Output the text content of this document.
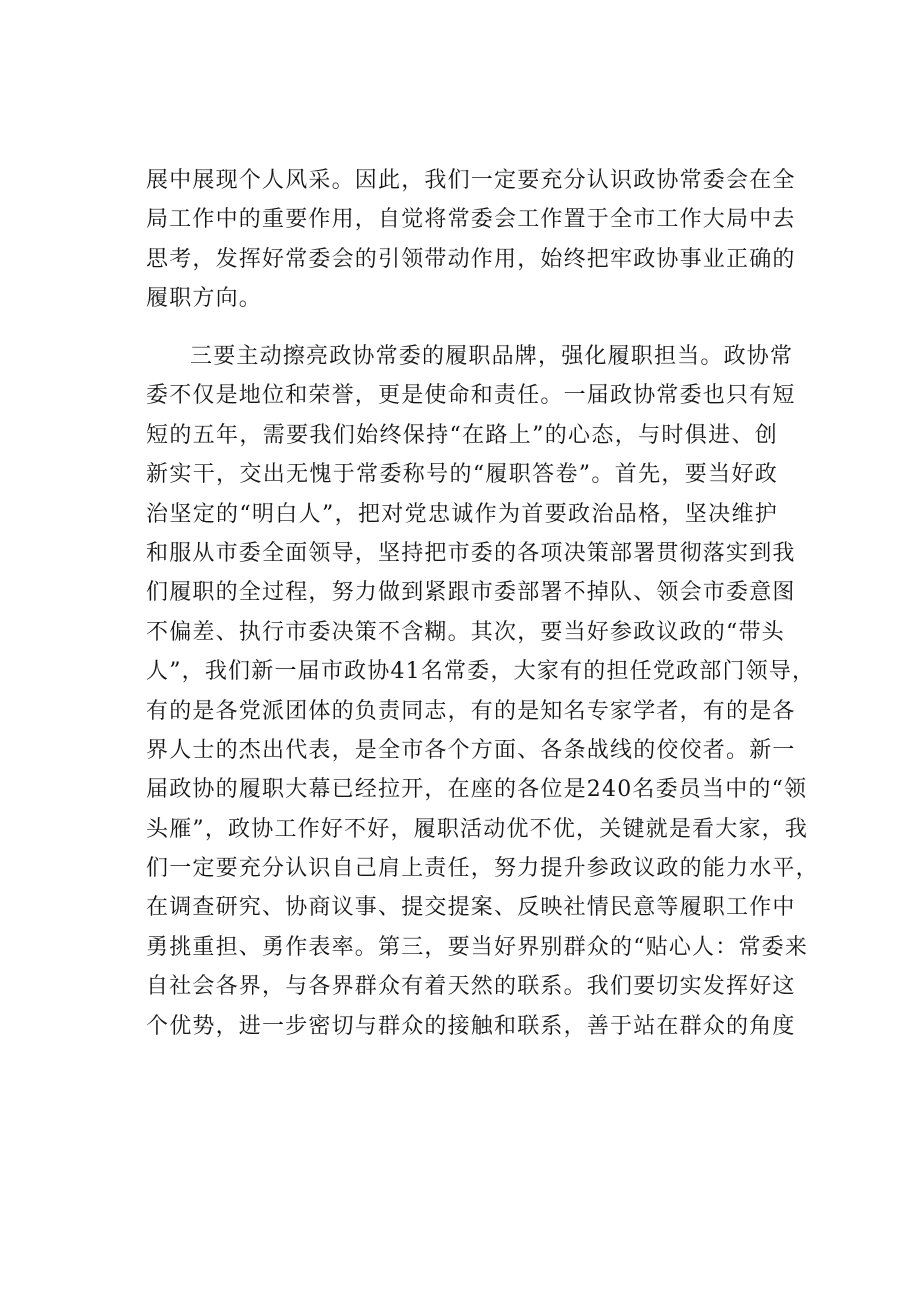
展中展现个人风采。因此，我们一定要充分认识政协常委会在全
局工作中的重要作用，自觉将常委会工作置于全市工作大局中去
思考，发挥好常委会的引领带动作用，始终把牢政协事业正确的
履职方向。
三要主动擦亮政协常委的履职品牌，强化履职担当。政协常
委不仅是地位和荣誉，更是使命和责任。一届政协常委也只有短
短的五年，需要我们始终保持“在路上”的心态，与时俱进、创
新实干，交出无愧于常委称号的“履职答卷”。首先，要当好政
治坚定的“明白人”，把对党忠诚作为首要政治品格，坚决维护
和服从市委全面领导，坚持把市委的各项决策部署贯彻落实到我
们履职的全过程，努力做到紧跟市委部署不掉队、领会市委意图
不偏差、执行市委决策不含糊。其次，要当好参政议政的“带头
人”，我们新一届市政协41名常委，大家有的担任党政部门领导，
有的是各党派团体的负责同志，有的是知名专家学者，有的是各
界人士的杰出代表，是全市各个方面、各条战线的佼佼者。新一
届政协的履职大幕已经拉开，在座的各位是240名委员当中的“领
头雁”，政协工作好不好，履职活动优不优，关键就是看大家，我
们一定要充分认识自己肩上责任，努力提升参政议政的能力水平，
在调查研究、协商议事、提交提案、反映社情民意等履职工作中
勇挑重担、勇作表率。第三，要当好界别群众的“贴心人：常委来
自社会各界，与各界群众有着天然的联系。我们要切实发挥好这
个优势，进一步密切与群众的接触和联系，善于站在群众的角度
